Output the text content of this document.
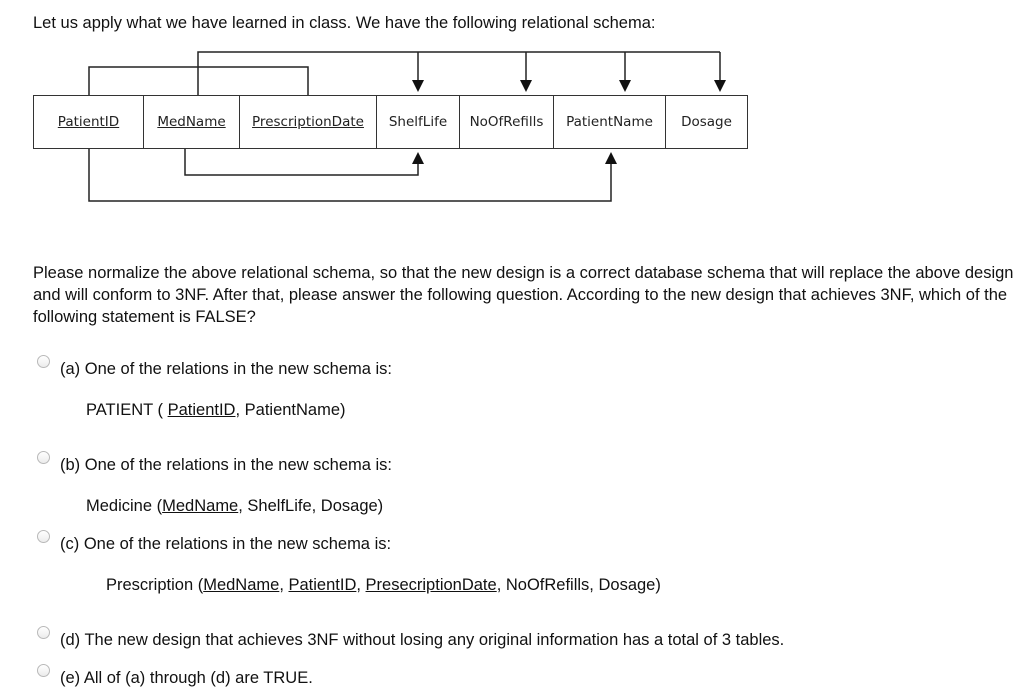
Let us apply what we have learned in class. We have the following relational schema:
PatientID	MedName PrescriptionDate ShelfLife NoOfRefills PatientName Dosage
Please normalize the above relational schema, so that the new design is a correct database schema that will replace the above design and will conform to 3NF. After that, please answer the following question. According to the new design that achieves 3NF, which of the following statement is FALSE?
(a) One of the relations in the new schema is:
PATIENT ( PatientID, PatientName)
(b) One of the relations in the new schema is:
Medicine (MedName, ShelfLife, Dosage)
(c) One of the relations in the new schema is:
Prescription (MedName, PatientID, PresecriptionDate, NoOfRefills, Dosage)
(d) The new design that achieves 3NF without losing any original information has a total of 3 tables.
(e) All of (a) through (d) are TRUE.
